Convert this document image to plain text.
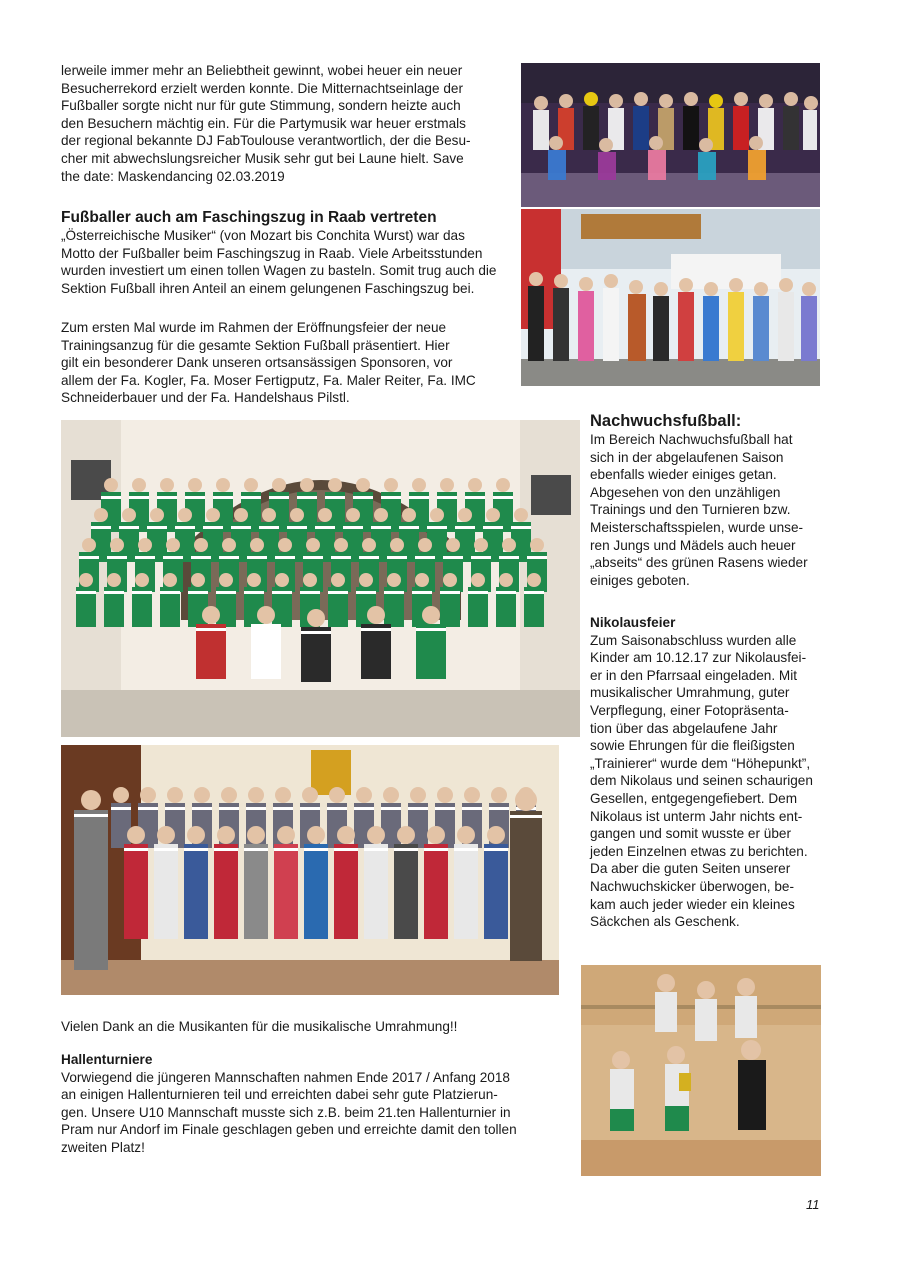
lerweile immer mehr an Beliebtheit gewinnt, wobei heuer ein neuer

Besucherrekord erzielt werden konnte. Die Mitternachtseinlage der

Fußballer sorgte nicht nur für gute Stimmung, sondern heizte auch

den Besuchern mächtig ein. Für die Partymusik war heuer erstmals

der regional bekannte DJ FabToulouse verantwortlich, der die Besu-

cher mit abwechslungsreicher Musik sehr gut bei Laune hielt. Save

the date: Maskendancing 02.03.2019

Fußballer auch am Faschingszug in Raab vertreten

„Österreichische Musiker“ (von Mozart bis Conchita Wurst) war das

Motto der Fußballer beim Faschingszug in Raab. Viele Arbeitsstunden

wurden investiert um einen tollen Wagen zu basteln. Somit trug auch die

Sektion Fußball ihren Anteil an einem gelungenen Faschingszug bei.

Zum ersten Mal wurde im Rahmen der Eröffnungsfeier der neue

Trainingsanzug für die gesamte Sektion Fußball präsentiert. Hier

gilt ein besonderer Dank unseren ortsansässigen Sponsoren, vor

allem der Fa. Kogler, Fa. Moser Fertigputz, Fa. Maler Reiter, Fa. IMC

Schneiderbauer und der Fa. Handelshaus Pilstl.

Nachwuchsfußball:

Im Bereich Nachwuchsfußball hat

sich in der abgelaufenen Saison

ebenfalls wieder einiges getan.

Abgesehen von den unzähligen

Trainings und den Turnieren bzw.

Meisterschaftsspielen, wurde unse-

ren Jungs und Mädels auch heuer

„abseits“ des grünen Rasens wieder

einiges geboten.

Nikolausfeier

Zum Saisonabschluss wurden alle

Kinder am 10.12.17 zur Nikolausfei-

er in den Pfarrsaal eingeladen. Mit

musikalischer Umrahmung, guter

Verpflegung, einer Fotopräsenta-

tion über das abgelaufene Jahr

sowie Ehrungen für die fleißigsten

„Trainierer“ wurde dem “Höhepunkt”,

dem Nikolaus und seinen schaurigen

Gesellen, entgegengefiebert. Dem

Nikolaus ist unterm Jahr nichts ent-

gangen und somit wusste er über

jeden Einzelnen etwas zu berichten.

Da aber die guten Seiten unserer

Nachwuchskicker überwogen, be-

kam auch jeder wieder ein kleines

Säckchen als Geschenk.

Vielen Dank an die Musikanten für die musikalische Umrahmung!!

Hallenturniere

Vorwiegend die jüngeren Mannschaften nahmen Ende 2017 / Anfang 2018

an einigen Hallenturnieren teil und erreichten dabei sehr gute Platzierun-

gen. Unsere U10 Mannschaft musste sich z.B. beim 21.ten Hallenturnier in

Pram nur Andorf im Finale geschlagen geben und erreichte damit den tollen

zweiten Platz!

11
